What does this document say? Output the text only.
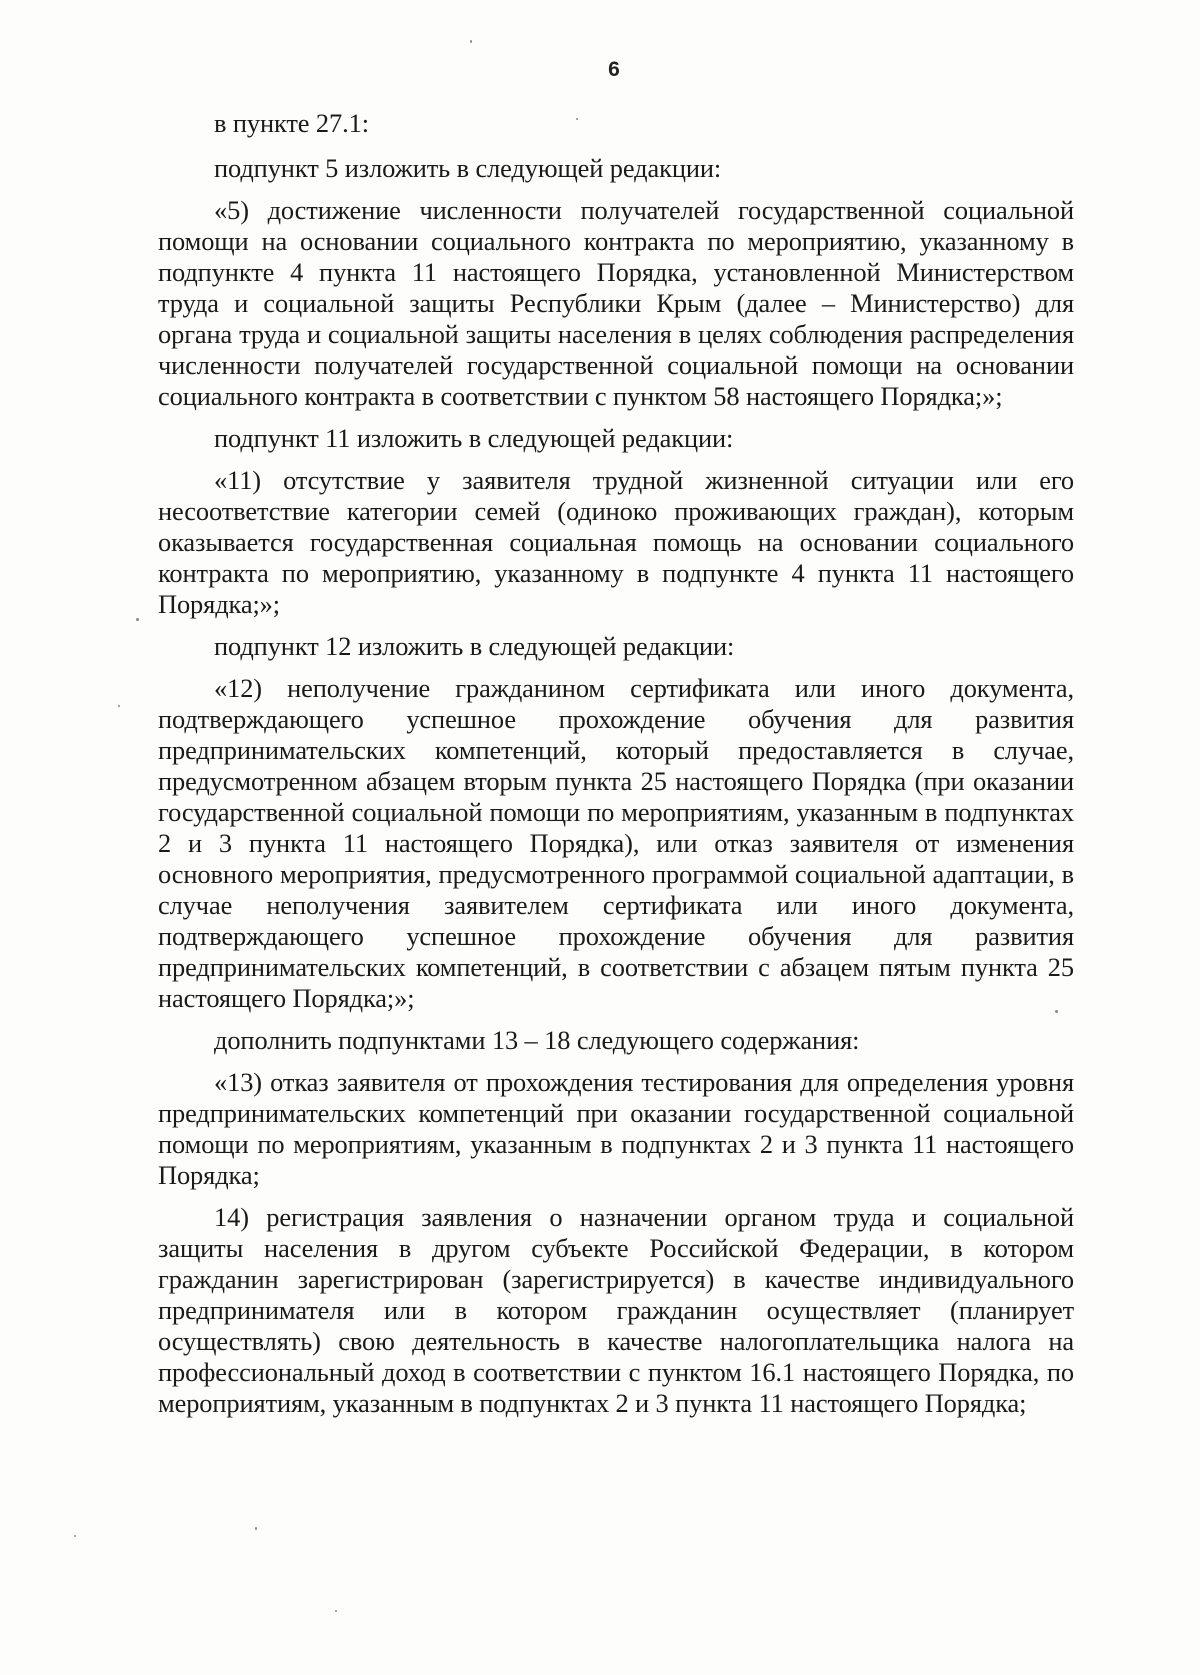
6

в пункте 27.1:

подпункт 5 изложить в следующей редакции:

«5) достижение численности получателей государственной социальной помощи на основании социального контракта по мероприятию, указанному в подпункте 4 пункта 11 настоящего Порядка, установленной Министерством труда и социальной защиты Республики Крым (далее – Министерство) для органа труда и социальной защиты населения в целях соблюдения распределения численности получателей государственной социальной помощи на основании социального контракта в соответствии с пунктом 58 настоящего Порядка;»;

подпункт 11 изложить в следующей редакции:

«11) отсутствие у заявителя трудной жизненной ситуации или его несоответствие категории семей (одиноко проживающих граждан), которым оказывается государственная социальная помощь на основании социального контракта по мероприятию, указанному в подпункте 4 пункта 11 настоящего Порядка;»;

подпункт 12 изложить в следующей редакции:

«12) неполучение гражданином сертификата или иного документа, подтверждающего успешное прохождение обучения для развития предпринимательских компетенций, который предоставляется в случае, предусмотренном абзацем вторым пункта 25 настоящего Порядка (при оказании государственной социальной помощи по мероприятиям, указанным в подпунктах 2 и 3 пункта 11 настоящего Порядка), или отказ заявителя от изменения основного мероприятия, предусмотренного программой социальной адаптации, в случае неполучения заявителем сертификата или иного документа, подтверждающего успешное прохождение обучения для развития предпринимательских компетенций, в соответствии с абзацем пятым пункта 25 настоящего Порядка;»;

дополнить подпунктами 13 – 18 следующего содержания:

«13) отказ заявителя от прохождения тестирования для определения уровня предпринимательских компетенций при оказании государственной социальной помощи по мероприятиям, указанным в подпунктах 2 и 3 пункта 11 настоящего Порядка;

14) регистрация заявления о назначении органом труда и социальной защиты населения в другом субъекте Российской Федерации, в котором гражданин зарегистрирован (зарегистрируется) в качестве индивидуального предпринимателя или в котором гражданин осуществляет (планирует осуществлять) свою деятельность в качестве налогоплательщика налога на профессиональный доход в соответствии с пунктом 16.1 настоящего Порядка, по мероприятиям, указанным в подпунктах 2 и 3 пункта 11 настоящего Порядка;
